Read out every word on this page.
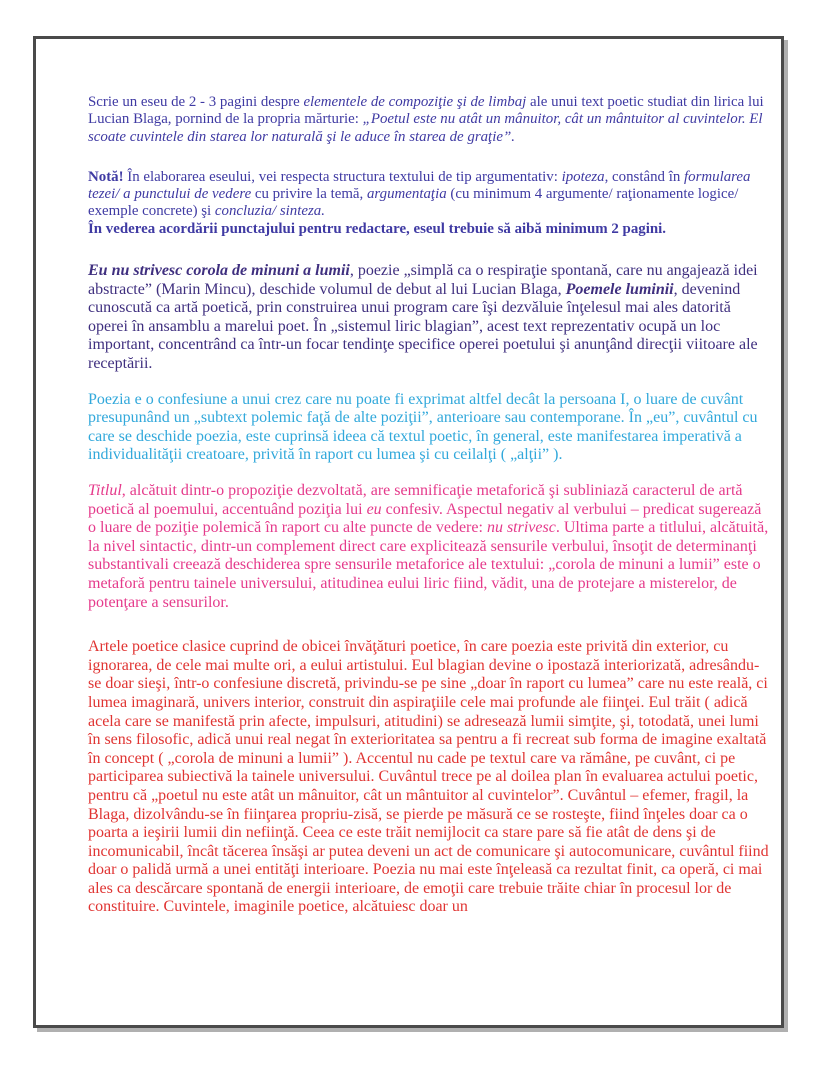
Scrie un eseu de 2 - 3 pagini despre elementele de compoziţie şi de limbaj ale unui text poetic studiat din lirica lui Lucian Blaga, pornind de la propria mărturie: „Poetul este nu atât un mânuitor, cât un mântuitor al cuvintelor. El scoate cuvintele din starea lor naturală şi le aduce în starea de graţie”.

Notă! În elaborarea eseului, vei respecta structura textului de tip argumentativ: ipoteza, constând în formularea tezei/ a punctului de vedere cu privire la temă, argumentaţia (cu minimum 4 argumente/ raţionamente logice/ exemple concrete) şi concluzia/ sinteza.

În vederea acordării punctajului pentru redactare, eseul trebuie să aibă minimum 2 pagini.

Eu nu strivesc corola de minuni a lumii, poezie „simplă ca o respiraţie spontană, care nu angajează idei abstracte” (Marin Mincu), deschide volumul de debut al lui Lucian Blaga, Poemele luminii, devenind cunoscută ca artă poetică, prin construirea unui program care îşi dezvăluie înţelesul mai ales datorită operei în ansamblu a marelui poet. În „sistemul liric blagian”, acest text reprezentativ ocupă un loc important, concentrând ca într-un focar tendinţe specifice operei poetului şi anunţând direcţii viitoare ale receptării.

Poezia e o confesiune a unui crez care nu poate fi exprimat altfel decât la persoana I, o luare de cuvânt presupunând un „subtext polemic faţă de alte poziţii”, anterioare sau contemporane. În „eu”, cuvântul cu care se deschide poezia, este cuprinsă ideea că textul poetic, în general, este manifestarea imperativă a individualităţii creatoare, privită în raport cu lumea şi cu ceilalţi ( „alţii” ).

Titlul, alcătuit dintr-o propoziţie dezvoltată, are semnificaţie metaforică şi subliniază caracterul de artă poetică al poemului, accentuând poziţia lui eu confesiv. Aspectul negativ al verbului – predicat sugerează o luare de poziţie polemică în raport cu alte puncte de vedere: nu strivesc. Ultima parte a titlului, alcătuită, la nivel sintactic, dintr-un complement direct care explicitează sensurile verbului, însoţit de determinanţi substantivali creează deschiderea spre sensurile metaforice ale textului: „corola de minuni a lumii” este o metaforă pentru tainele universului, atitudinea eului liric fiind, vădit, una de protejare a misterelor, de potenţare a sensurilor.

Artele poetice clasice cuprind de obicei învăţături poetice, în care poezia este privită din exterior, cu ignorarea, de cele mai multe ori, a eului artistului. Eul blagian devine o ipostază interiorizată, adresându-se doar sieşi, într-o confesiune discretă, privindu-se pe sine „doar în raport cu lumea” care nu este reală, ci lumea imaginară, univers interior, construit din aspiraţiile cele mai profunde ale fiinţei. Eul trăit ( adică acela care se manifestă prin afecte, impulsuri, atitudini) se adresează lumii simţite, şi, totodată, unei lumi în sens filosofic, adică unui real negat în exterioritatea sa pentru a fi recreat sub forma de imagine exaltată în concept ( „corola de minuni a lumii” ). Accentul nu cade pe textul care va rămâne, pe cuvânt, ci pe participarea subiectivă la tainele universului. Cuvântul trece pe al doilea plan în evaluarea actului poetic, pentru că „poetul nu este atât un mânuitor, cât un mântuitor al cuvintelor”. Cuvântul – efemer, fragil, la Blaga, dizolvându-se în fiinţarea propriu-zisă, se pierde pe măsură ce se rosteşte, fiind înţeles doar ca o poarta a ieşirii lumii din nefiinţă. Ceea ce este trăit nemijlocit ca stare pare să fie atât de dens şi de incomunicabil, încât tăcerea însăşi ar putea deveni un act de comunicare şi autocomunicare, cuvântul fiind doar o palidă urmă a unei entităţi interioare. Poezia nu mai este înţeleasă ca rezultat finit, ca operă, ci mai ales ca descărcare spontană de energii interioare, de emoţii care trebuie trăite chiar în procesul lor de constituire. Cuvintele, imaginile poetice, alcătuiesc doar un
